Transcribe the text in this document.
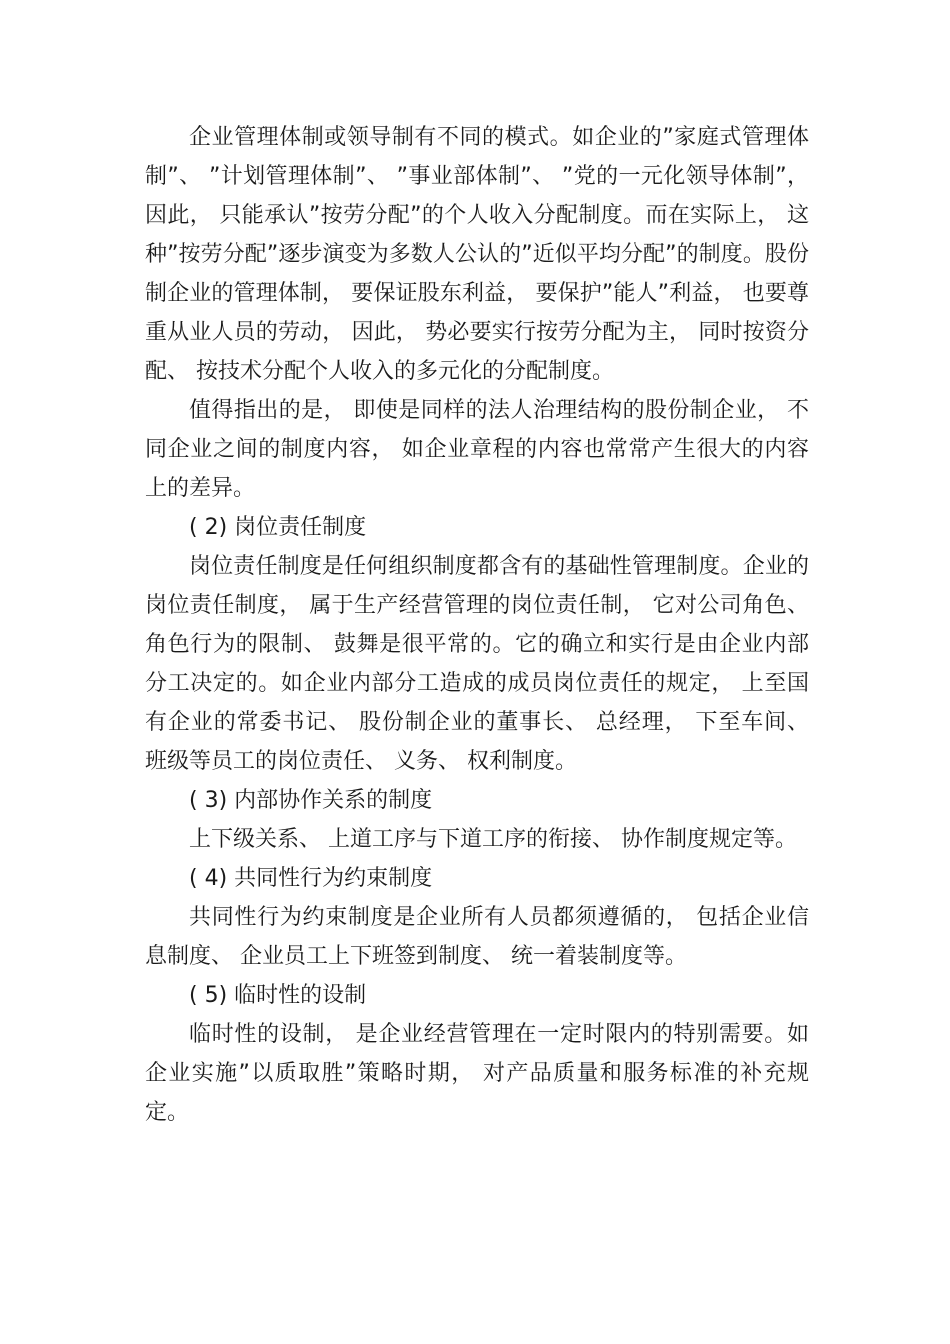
企业管理体制或领导制有不同的模式。如企业的”家庭式管理体制”、 ”计划管理体制”、 ”事业部体制”、 ”党的一元化领导体制”， 因此， 只能承认”按劳分配”的个人收入分配制度。而在实际上， 这种”按劳分配”逐步演变为多数人公认的”近似平均分配”的制度。股份制企业的管理体制， 要保证股东利益， 要保护”能人”利益， 也要尊重从业人员的劳动， 因此， 势必要实行按劳分配为主， 同时按资分配、 按技术分配个人收入的多元化的分配制度。

值得指出的是， 即使是同样的法人治理结构的股份制企业， 不同企业之间的制度内容， 如企业章程的内容也常常产生很大的内容上的差异。

( 2) 岗位责任制度

岗位责任制度是任何组织制度都含有的基础性管理制度。企业的岗位责任制度， 属于生产经营管理的岗位责任制， 它对公司角色、 角色行为的限制、 鼓舞是很平常的。它的确立和实行是由企业内部分工决定的。如企业内部分工造成的成员岗位责任的规定， 上至国有企业的常委书记、 股份制企业的董事长、 总经理， 下至车间、 班级等员工的岗位责任、 义务、 权利制度。

( 3) 内部协作关系的制度

上下级关系、 上道工序与下道工序的衔接、 协作制度规定等。

( 4) 共同性行为约束制度

共同性行为约束制度是企业所有人员都须遵循的， 包括企业信息制度、 企业员工上下班签到制度、 统一着装制度等。

( 5) 临时性的设制

临时性的设制， 是企业经营管理在一定时限内的特别需要。如企业实施”以质取胜”策略时期， 对产品质量和服务标准的补充规定。
